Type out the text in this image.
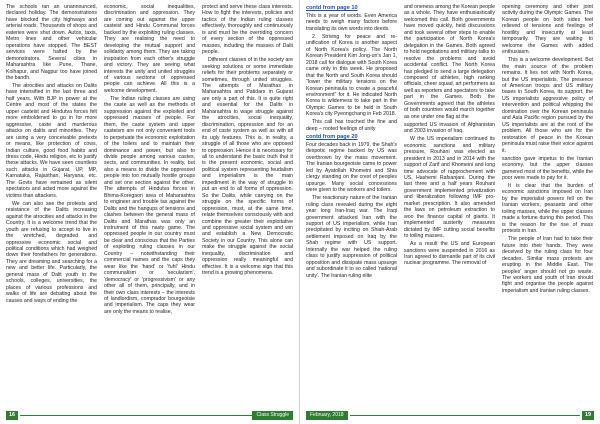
The schools ran an unannounced, declared holiday. The demonstrations have blocked the city highways and arterial roads. Thousands of shops and eateries were shut down. Autos, taxis, Metro lines and other vehicular operations have stopped. The BEST services were halted by the demonstrators. Several cities in Maharashtra like Pune, Thane, Kolhapur, and Nagpur too have joined the bandh.

The atrocities and attacks on Dalits have intensified in the last three and half years. With BJP in power at the Centre and most of the states the upper casteist and Hindutva forces felt more emboldened to go in for more aggressive, caste and murderous attacks on dalits and minorities. They are using a very conceivable pretexts or means, like protection of cows, Indian culture, good food habits and dress code, Hindu religion, etc to justify these attacks. We have seen countless such attacks in Gujarat, UP, MP, Karnataka, Rajasthan, Haryana, etc. The Govts have remained as silent spectators and acted more against the victims than attackers.

We can also see the protests and resistance of the Dalits increasing against the atrocities and attacks in the Country. It is a welcome trend that the youth are refusing to accept to live in the wretched, degraded and oppressive economic social and political conditions which had weighed down their forefathers for generations. They are dreaming and searching for a new and better life. Particularly, the general mass of Dalit youth in the schools, colleges, universities, the places of various professions and walks of life are debating about the causes and ways of ending the

economic, social inequalities, discrimination and oppression. They are coming out against the upper casteist and Hindu Communal forces backed by the exploiting ruling classes. They are realising the need to developing the mutual support and solidarity among them. They are taking inspiration from each other's struggle and victory. They are seeing what interests the unity and united struggles of various sections of oppressed people can achieve. All this is a welcome development.

The Indian ruling classes are using the caste as well as the methods of suppression against the exploited and oppressed masses of people. For them, the caste system and upper casteism are not only convenient tools to perpetuate the economic exploitation of the toilers and to maintain their dominance and power, but also to divide people among various castes, sects, and communities. In reality, but also a means to divide the oppressed people into too mutually hostile groups and set one section against the other. The attempts of Hindutva forces in Bhima-Koregaon area of Maharashtra to engineer and trouble tax against the Dalits and the hangups of tensions and clashes between the general mass of Dalits and Marathas was only an instrument of this nasty game. The oppressed people in our country must be clear and conscious that the Parties of exploiting ruling classes in our Country – notwithstanding their commercial names and the caps they wear like the 'hand' or 'fuhl' Hindu communalism or 'secularism', 'democracy' or 'progressivism' or any other all of them, principally, and in their own class interests – the interests of landlordism, comprador bourgeoisie and imperialism. The caps they wear are only the means to realise,

protect and serve these class interests. How to fight the interests, policies and tactics of the Indian ruling classes effectively, thoroughly and continuously is and must be the overriding concern of every section of the oppressed masses, including the masses of Dalit people.

Different classes of in the society are seeking solutions or some immediate reliefs for their problems separately or sometimes, through united struggles. The attempts of Marathas in Maharashtra and Patidars in Gujarat are only a part of this. It is quite right and essential for the Dalits in Maharashtra to wage struggle against the atrocities, social inequality, discrimination, oppression and for an end of caste system as well as with all its ugly features. This is, in reality, a struggle of all those who are opposed to oppression. Hence it is necessary for all to understand the basic truth that it is the present economic, social and political system representing feudalism and imperialism is the main impediment in the way of struggle to put an end to all forms of oppression. So the Dalits, while carrying on the struggle on the specific forms of oppression, must, at the same time, relate themselves consciously with and combine the greater their exploitative and oppressive social system and win and establish a New Democratic Society in our Country. This alone can make the struggle against the social inequality, discrimination and oppression really meaningful and effective. It is a welcome sign that this trend is a growing phenomena.

16	Class Struggle
contd from page 10

This is a year of words. Even America needs to weigh many factors before translating its own words into deeds.

2. Striving for peace and re-unification of Korea is another aspect of North Korea's policy. The North Korean President Kim Jong-un's Jan 1, 2018 call for dialogue with South Korea came only in this week. He proposed that the North and South Korea should "lower the military tensions on the Korean peninsula to create a peaceful environment" for it. He indicated North Korea is wilderness to take part in the Olympic Games to be held in South Korea's city Pyeongchang in Feb 2018.

This call has touched the fine and deep – rooted feelings of unity

contd from page 20

Four decades back in 1979, the Shah's despotic regime backed by US was overthrown by the mass movement. The Iranian bourgeoisie came to power led by Ayatollah Khomeini and Shia clergy standing on the crest of peoples upsurge. Many social concessions were given to the workers and toilers.

The reactionary nature of the Iranian ruling class revealed during the eight year long Iran-Iraq war. The Iraqi government attacked Iran with the support of US imperialism, while Iran precipitated by inciting on Shiah-Arab settlement imposed on Iraq by the Shah regime with US support. Internally the war helped the ruling class to justify suppression of political opposition and dissipate mass upsurge and subordinate it to so called 'national unity'. The Iranian ruling elite

and oneness among the Korean people as a whole. They have enthusiastically welcomed this call. Both governments have moved quickly, held discussions and took several other steps to enable the participation of North Korea's delegation in the Games. Both agreed to hold negotiations and military talks to resolve the problems and avoid accidental conflict. The North Korea has pledged to send a large delegation composed of athletes, high ranking officials, cheer squad, art performers as well as reporters and spectators to take part in the Games. Both the Governments agreed that the athletes of both countries would march together as one under one flag at the

supported US invasion of Afghanistan and 2003 invasion of Iraq.

W the US imperialism continued its economic sanctions and military pressure, Rouhani was elected as president in 2013 and in 2014 with the support of Zarif and Khomeini and long time advocate of rapprochement with US, Hashemi Rafsanjani. During the last three and a half years Rouhani government implemented privatization and liberalization following IMF pro-market prescription. It also amended the laws on petroleum extraction to woo the finance capital of giants. It implemented austerity measures dictated by IMF cutting social benefits to toiling masses.

As a result the US and European sanctions were suspended in 2016 as Iran agreed to dismantle part of its civil nuclear programme. The removal of

opening ceremony and other joint activity during the Olympic Games. The Korean people on both sides feel relieved of tensions and feelings of hostility and insecurity at least temporarily. They are waiting to welcome the Games with added enthusiasm.

This is a welcome development. But the main source of the problem remains. It lies not with North Korea, but the US imperialists. The presence of American troops and US military bases in South Korea, its support, the US imperialists aggressive policy of intervention and political whipping the domination over the Korean peninsula and Asia Pacific region pursued by the US imperialists are at the root of the problem. All those who are for the restoration of peace in the Korean peninsula must raise their voice against it.

sanction gave impetus to the Iranian economy, but the upper classes garnered most of the benefits, while the poor were made to pay for it.

It is clear that the burden of economic sanctions imposed on Iran by the imperialist powers fell on the Iranian workers, peasants and other toiling masses, while the upper classes made a fortune during this period. This is the reason for the rise of mass protests in Iran.

The people of Iran had to take their future into their hands. They were deceived by the ruling class for four decades. Similar mass protests are erupting in the Middle East. The peoples' anger should not go waste. The workers and youth of Iran should fight and organise the people against imperialism and Iranian ruling classes.

February, 2018	19
